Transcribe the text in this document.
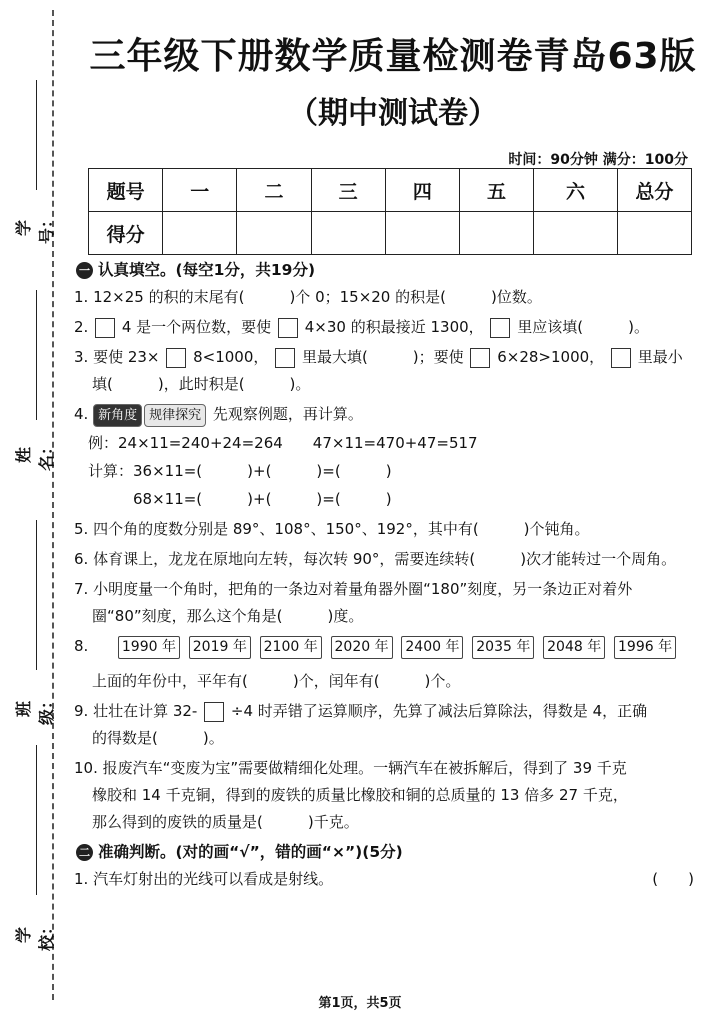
学号：
姓名：
班级：
学校：
三年级下册数学质量检测卷青岛63版
（期中测试卷）
时间：90分钟 满分：100分
题号	一	二	三	四	五	六	总分
得分							
一 认真填空。(每空1分，共19分)
1. 12×25 的积的末尾有(　　　)个 0；15×20 的积是(　　　)位数。
2. 4 是一个两位数，要使 4×30 的积最接近 1300， 里应该填(　　　)。
3. 要使 23× 8<1000， 里最大填(　　　)；要使 6×28>1000， 里最小
填(　　　)，此时积是(　　　)。
4. 新角度 规律探究 先观察例题，再计算。
例：24×11=240+24=264　　47×11=470+47=517
计算：36×11=(　　　)+(　　　)=(　　　)
　　　68×11=(　　　)+(　　　)=(　　　)
5. 四个角的度数分别是 89°、108°、150°、192°，其中有(　　　)个钝角。
6. 体育课上，龙龙在原地向左转，每次转 90°，需要连续转(　　　)次才能转过一个周角。
7. 小明度量一个角时，把角的一条边对着量角器外圈“180”刻度，另一条边正对着外
圈“80”刻度，那么这个角是(　　　)度。
8. 1990 年 2019 年 2100 年 2020 年 2400 年 2035 年 2048 年 1996 年
上面的年份中，平年有(　　　)个，闰年有(　　　)个。
9. 壮壮在计算 32- ÷4 时弄错了运算顺序，先算了减法后算除法，得数是 4，正确
的得数是(　　　)。
10. 报废汽车“变废为宝”需要做精细化处理。一辆汽车在被拆解后，得到了 39 千克
橡胶和 14 千克铜，得到的废铁的质量比橡胶和铜的总质量的 13 倍多 27 千克，
那么得到的废铁的质量是(　　　)千克。
二 准确判断。(对的画“√”，错的画“×”)(5分)
1. 汽车灯射出的光线可以看成是射线。	(　　)
第1页，共5页
